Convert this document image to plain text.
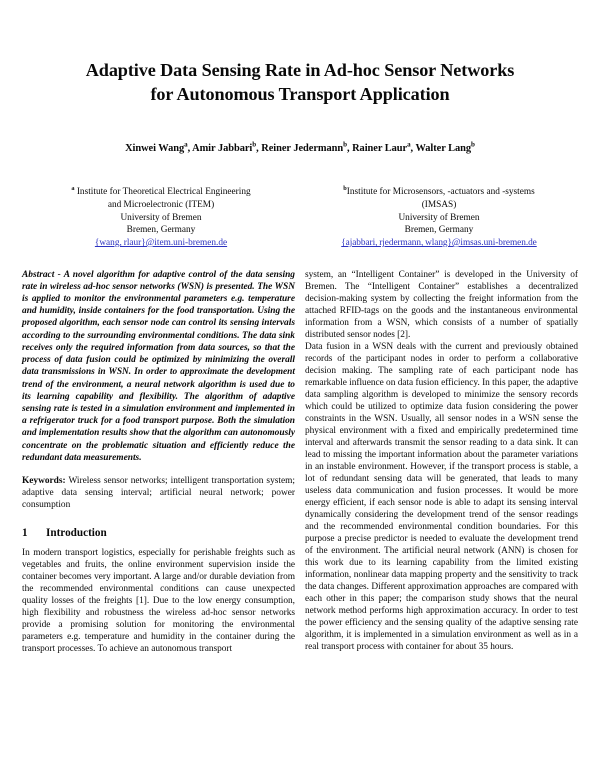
Adaptive Data Sensing Rate in Ad-hoc Sensor Networks
for Autonomous Transport Application
Xinwei Wang$^a$, Amir Jabbari$^b$, Reiner Jedermann$^b$, Rainer Laur$^a$, Walter Lang$^b$
$^a$ Institute for Theoretical Electrical Engineering
and Microelectronic (ITEM)
University of Bremen
Bremen, Germany
{wang, rlaur}@item.uni-bremen.de
$^b$Institute for Microsensors, -actuators and -systems
(IMSAS)
University of Bremen
Bremen, Germany
{ajabbari, rjedermann, wlang}@imsas.uni-bremen.de

Abstract - A novel algorithm for adaptive control of the data sensing rate in wireless ad-hoc sensor networks (WSN) is presented. The WSN is applied to monitor the environmental parameters e.g. temperature and humidity, inside containers for the food transportation. Using the proposed algorithm, each sensor node can control its sensing intervals according to the surrounding environmental conditions. The data sink receives only the required information from data sources, so that the process of data fusion could be optimized by minimizing the overall data transmissions in WSN. In order to approximate the development trend of the environment, a neural network algorithm is used due to its learning capability and flexibility. The algorithm of adaptive sensing rate is tested in a simulation environment and implemented in a refrigerator truck for a food transport purpose. Both the simulation and implementation results show that the algorithm can autonomously concentrate on the problematic situation and efficiently reduce the redundant data measurements.

Keywords: Wireless sensor networks; intelligent transportation system; adaptive data sensing interval; artificial neural network; power consumption

1 Introduction

In modern transport logistics, especially for perishable freights such as vegetables and fruits, the online environment supervision inside the container becomes very important. A large and/or durable deviation from the recommended environmental conditions can cause unexpected quality losses of the freights [1]. Due to the low energy consumption, high flexibility and robustness the wireless ad-hoc sensor networks provide a promising solution for monitoring the environmental parameters e.g. temperature and humidity in the container during the transport processes. To achieve an autonomous transport

system, an “Intelligent Container” is developed in the University of Bremen. The “Intelligent Container” establishes a decentralized decision-making system by collecting the freight information from the attached RFID-tags on the goods and the instantaneous environmental information from a WSN, which consists of a number of spatially distributed sensor nodes [2].

Data fusion in a WSN deals with the current and previously obtained records of the participant nodes in order to perform a collaborative decision making. The sampling rate of each participant node has remarkable influence on data fusion efficiency. In this paper, the adaptive data sampling algorithm is developed to minimize the sensory records which could be utilized to optimize data fusion considering the power constraints in the WSN. Usually, all sensor nodes in a WSN sense the physical environment with a fixed and empirically predetermined time interval and afterwards transmit the sensor reading to a data sink. It can lead to missing the important information about the parameter variations in an instable environment. However, if the transport process is stable, a lot of redundant sensing data will be generated, that leads to many useless data communication and fusion processes. It would be more energy efficient, if each sensor node is able to adapt its sensing interval dynamically considering the development trend of the sensor readings and the recommended environmental condition boundaries. For this purpose a precise predictor is needed to evaluate the development trend of the environment. The artificial neural network (ANN) is chosen for this work due to its learning capability from the limited existing information, nonlinear data mapping property and the sensitivity to track the data changes. Different approximation approaches are compared with each other in this paper; the comparison study shows that the neural network method performs high approximation accuracy. In order to test the power efficiency and the sensing quality of the adaptive sensing rate algorithm, it is implemented in a simulation environment as well as in a real transport process with container for about 35 hours.
